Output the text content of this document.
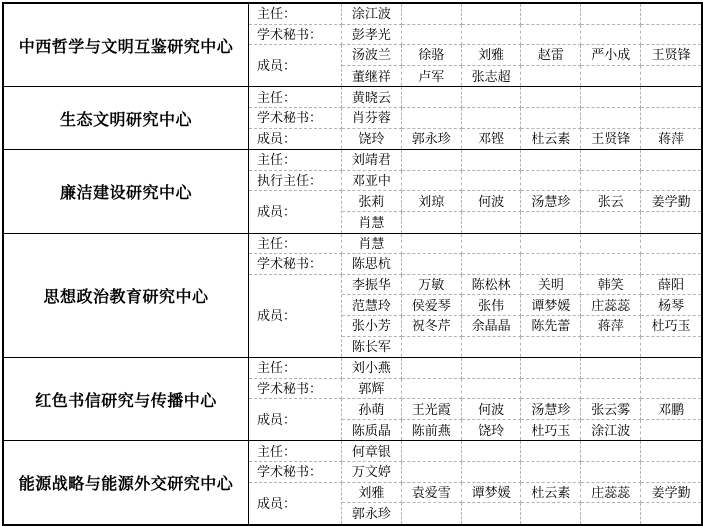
中西哲学与文明互鉴研究中心
主任：	涂江波
学术秘书：	彭孝光
成员：
汤波兰	徐骆	刘雅	赵雷	严小成	王贤锋
董继祥	卢军	张志超
生态文明研究中心
主任：	黄晓云
学术秘书：	肖芬蓉
成员：	饶玲	郭永珍	邓铿	杜云素	王贤锋	蒋萍
廉洁建设研究中心
主任：	刘靖君
执行主任：	邓亚中
成员：
张莉	刘琼	何波	汤慧珍	张云	姜学勤
肖慧
思想政治教育研究中心
主任：	肖慧
学术秘书：	陈思杭
成员：
李振华	万敏	陈松林	关明	韩笑	薛阳
范慧玲	侯爱琴	张伟	谭梦媛	庄蕊蕊	杨琴
张小芳	祝冬芹	余晶晶	陈先蕾	蒋萍	杜巧玉
陈长军
红色书信研究与传播中心
主任：	刘小燕
学术秘书：	郭辉
成员：
孙萌	王光霞	何波	汤慧珍	张云雾	邓鹏
陈质晶	陈前燕	饶玲	杜巧玉	涂江波
能源战略与能源外交研究中心
主任：	何章银
学术秘书：	万文婷
成员：
刘雅	袁爱雪	谭梦媛	杜云素	庄蕊蕊	姜学勤
郭永珍
